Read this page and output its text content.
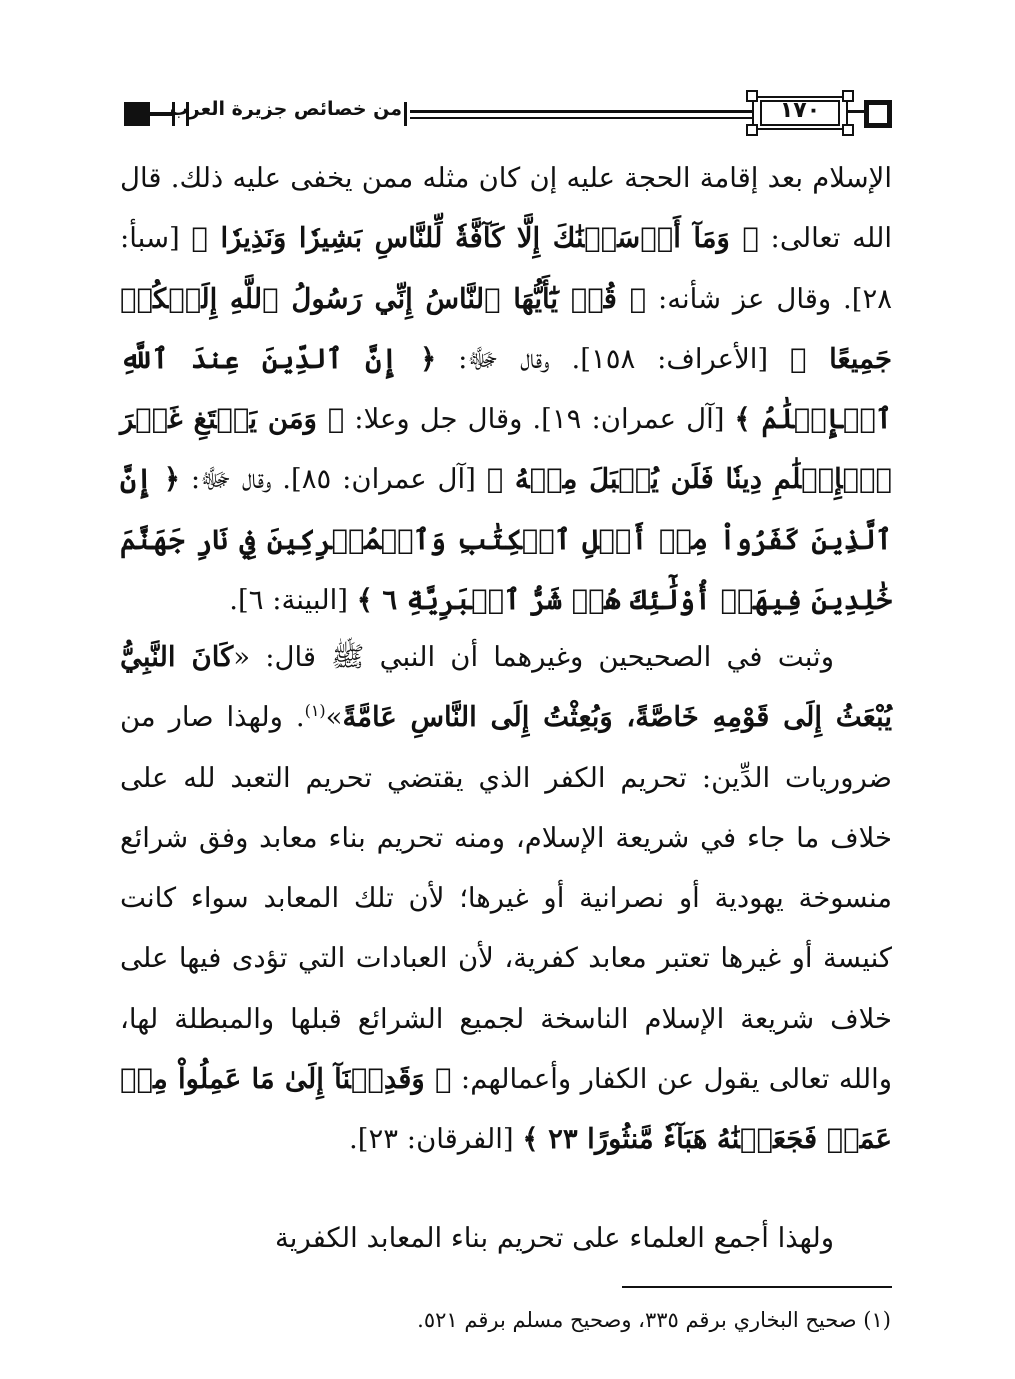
من خصائص جزيرة العرب	١٧٠
الإسلام بعد إقامة الحجة عليه إن كان مثله ممن يخفى عليه ذلك. قال الله تعالى: ﴿ وَمَآ أَرۡسَلۡنَٰكَ إِلَّا كَآفَّةٗ لِّلنَّاسِ بَشِيرٗا وَنَذِيرٗا ﴾ [سبأ: ٢٨]. وقال عز شأنه: ﴿ قُلۡ يَٰٓأَيُّهَا ٱلنَّاسُ إِنِّي رَسُولُ ٱللَّهِ إِلَيۡكُمۡ جَمِيعًا ﴾ [الأعراف: ١٥٨]. وقال ﷻ: ﴿ إِنَّ ٱلدِّينَ عِندَ ٱللَّهِ ٱلۡإِسۡلَٰمُ ﴾ [آل عمران: ١٩]. وقال جل وعلا: ﴿ وَمَن يَبۡتَغِ غَيۡرَ ٱلۡإِسۡلَٰمِ دِينٗا فَلَن يُقۡبَلَ مِنۡهُ ﴾ [آل عمران: ٨٥]. وقال ﷻ: ﴿ إِنَّ ٱلَّذِينَ كَفَرُواْ مِنۡ أَهۡلِ ٱلۡكِتَٰبِ وَٱلۡمُشۡرِكِينَ فِي نَارِ جَهَنَّمَ خَٰلِدِينَ فِيهَآۚ أُوْلَٰٓئِكَ هُمۡ شَرُّ ٱلۡبَرِيَّةِ ٦ ﴾ [البينة: ٦].
وثبت في الصحيحين وغيرهما أن النبي ﷺ قال: «كَانَ النَّبِيُّ يُبْعَثُ إِلَى قَوْمِهِ خَاصَّةً، وَبُعِثْتُ إِلَى النَّاسِ عَامَّةً»$^{(١)}$. ولهذا صار من ضروريات الدِّين: تحريم الكفر الذي يقتضي تحريم التعبد لله على خلاف ما جاء في شريعة الإسلام، ومنه تحريم بناء معابد وفق شرائع منسوخة يهودية أو نصرانية أو غيرها؛ لأن تلك المعابد سواء كانت كنيسة أو غيرها تعتبر معابد كفرية، لأن العبادات التي تؤدى فيها على خلاف شريعة الإسلام الناسخة لجميع الشرائع قبلها والمبطلة لها، والله تعالى يقول عن الكفار وأعمالهم: ﴿ وَقَدِمۡنَآ إِلَىٰ مَا عَمِلُواْ مِنۡ عَمَلٖ فَجَعَلۡنَٰهُ هَبَآءٗ مَّنثُورًا ٢٣ ﴾ [الفرقان: ٢٣].
ولهذا أجمع العلماء على تحريم بناء المعابد الكفرية
(١) صحيح البخاري برقم ٣٣٥، وصحيح مسلم برقم ٥٢١.
